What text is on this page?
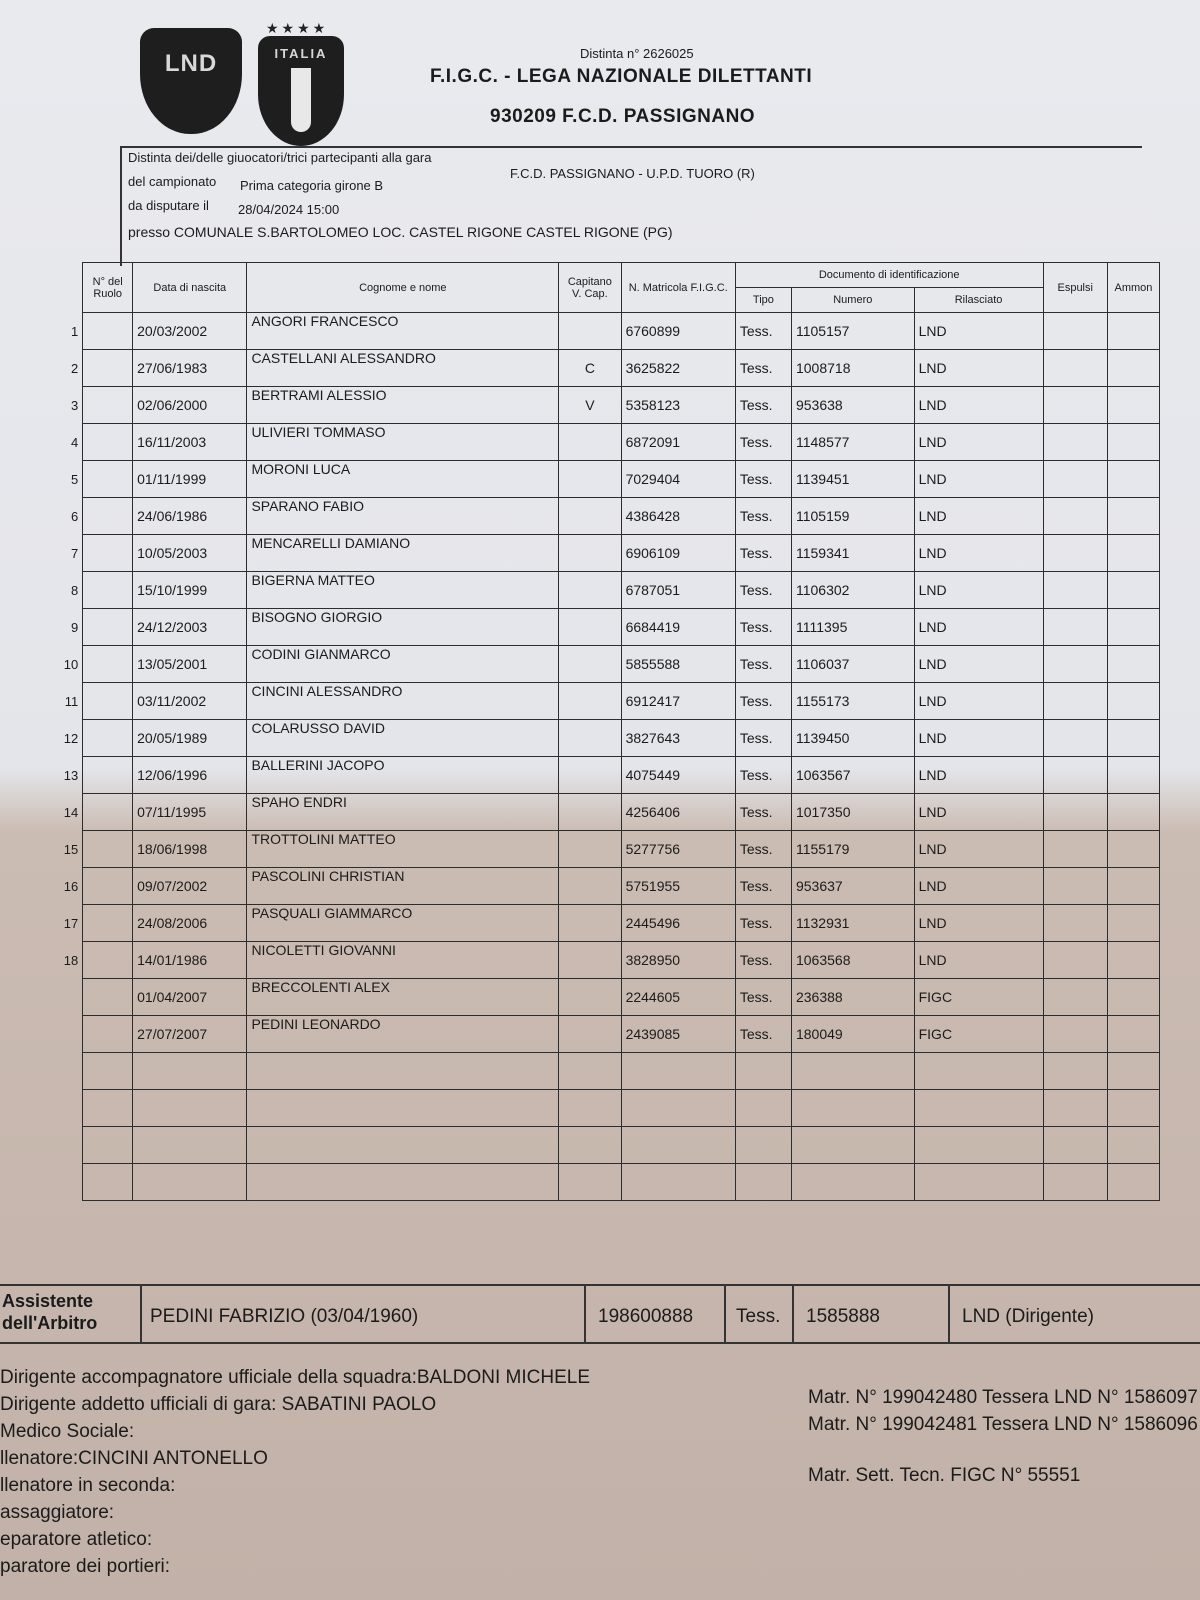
LND
★★★★
ITALIA	Distinta n° 2626025
F.I.G.C. - LEGA NAZIONALE DILETTANTI
930209 F.C.D. PASSIGNANO
Distinta dei/delle giuocatori/trici partecipanti alla gara
F.C.D. PASSIGNANO - U.P.D. TUORO (R)
del campionato Prima categoria girone B
da disputare il 28/04/2024 15:00
presso COMUNALE S.BARTOLOMEO LOC. CASTEL RIGONE CASTEL RIGONE (PG)
	N° del Ruolo	Data di nascita	Cognome e nome	Capitano V. Cap.	N. Matricola F.I.G.C.	Documento di identificazione			Espulsi	Ammon
						Tipo	Numero	Rilasciato		
1		20/03/2002	ANGORI FRANCESCO		6760899	Tess.	1105157	LND		
2		27/06/1983	CASTELLANI ALESSANDRO	C	3625822	Tess.	1008718	LND		
3		02/06/2000	BERTRAMI ALESSIO	V	5358123	Tess.	953638	LND		
4		16/11/2003	ULIVIERI TOMMASO		6872091	Tess.	1148577	LND		
5		01/11/1999	MORONI LUCA		7029404	Tess.	1139451	LND		
6		24/06/1986	SPARANO FABIO		4386428	Tess.	1105159	LND		
7		10/05/2003	MENCARELLI DAMIANO		6906109	Tess.	1159341	LND		
8		15/10/1999	BIGERNA MATTEO		6787051	Tess.	1106302	LND		
9		24/12/2003	BISOGNO GIORGIO		6684419	Tess.	1111395	LND		
10		13/05/2001	CODINI GIANMARCO		5855588	Tess.	1106037	LND		
11		03/11/2002	CINCINI ALESSANDRO		6912417	Tess.	1155173	LND		
12		20/05/1989	COLARUSSO DAVID		3827643	Tess.	1139450	LND		
13		12/06/1996	BALLERINI JACOPO		4075449	Tess.	1063567	LND		
14		07/11/1995	SPAHO ENDRI		4256406	Tess.	1017350	LND		
15		18/06/1998	TROTTOLINI MATTEO		5277756	Tess.	1155179	LND		
16		09/07/2002	PASCOLINI CHRISTIAN		5751955	Tess.	953637	LND		
17		24/08/2006	PASQUALI GIAMMARCO		2445496	Tess.	1132931	LND		
18		14/01/1986	NICOLETTI GIOVANNI		3828950	Tess.	1063568	LND		
		01/04/2007	BRECCOLENTI ALEX		2244605	Tess.	236388	FIGC		
		27/07/2007	PEDINI LEONARDO		2439085	Tess.	180049	FIGC		

Assistente
dell'Arbitro	PEDINI FABRIZIO (03/04/1960)	198600888 Tess. 1585888	LND (Dirigente)
Dirigente accompagnatore ufficiale della squadra:BALDONI MICHELE
Dirigente addetto ufficiali di gara: SABATINI PAOLO
Medico Sociale:
llenatore:CINCINI ANTONELLO
llenatore in seconda:
assaggiatore:
eparatore atletico:
paratore dei portieri:
Matr. N° 199042480 Tessera LND N° 1586097
Matr. N° 199042481 Tessera LND N° 1586096
Matr. Sett. Tecn. FIGC N° 55551
